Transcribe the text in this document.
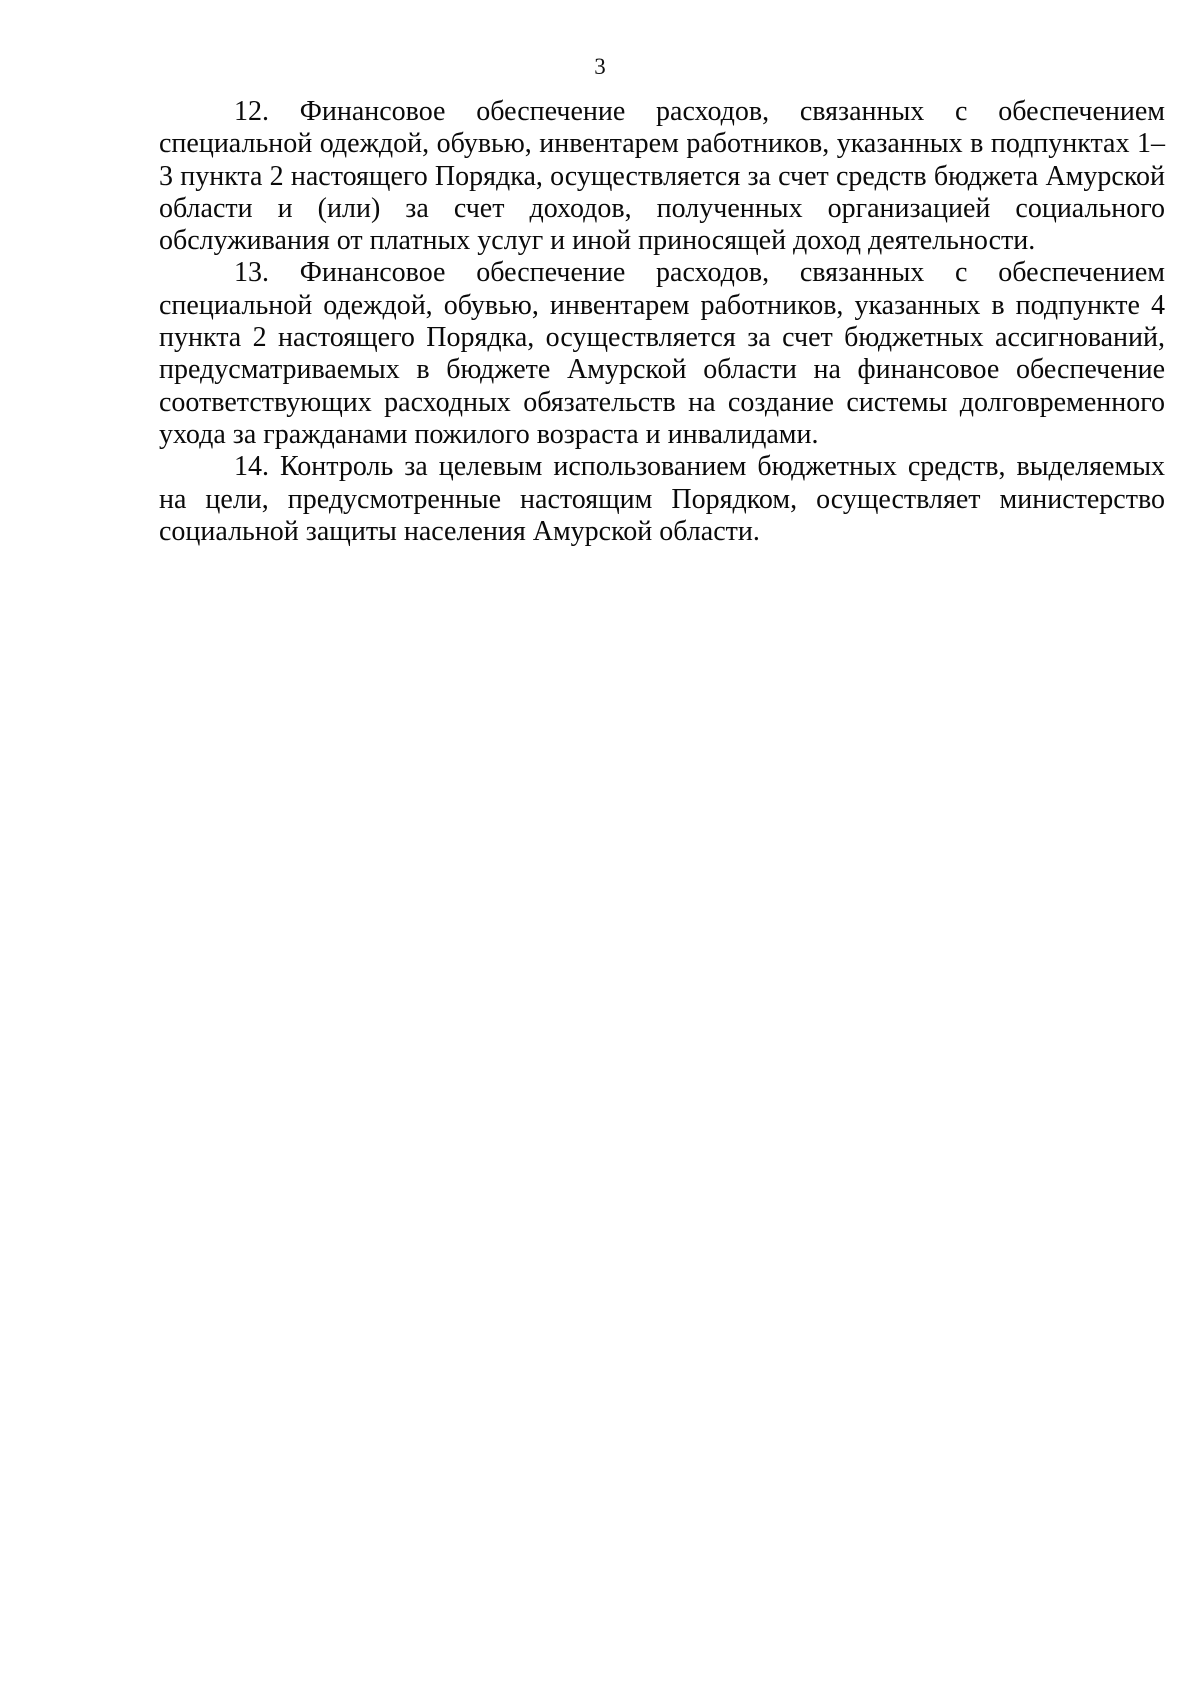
3

12. Финансовое обеспечение расходов, связанных с обеспечением специальной одеждой, обувью, инвентарем работников, указанных в подпунктах 1–3 пункта 2 настоящего Порядка, осуществляется за счет средств бюджета Амурской области и (или) за счет доходов, полученных организацией социального обслуживания от платных услуг и иной приносящей доход деятельности.

13. Финансовое обеспечение расходов, связанных с обеспечением специальной одеждой, обувью, инвентарем работников, указанных в подпункте 4 пункта 2 настоящего Порядка, осуществляется за счет бюджетных ассигнований, предусматриваемых в бюджете Амурской области на финансовое обеспечение соответствующих расходных обязательств на создание системы долговременного ухода за гражданами пожилого возраста и инвалидами.

14. Контроль за целевым использованием бюджетных средств, выделяемых на цели, предусмотренные настоящим Порядком, осуществляет министерство социальной защиты населения Амурской области.
